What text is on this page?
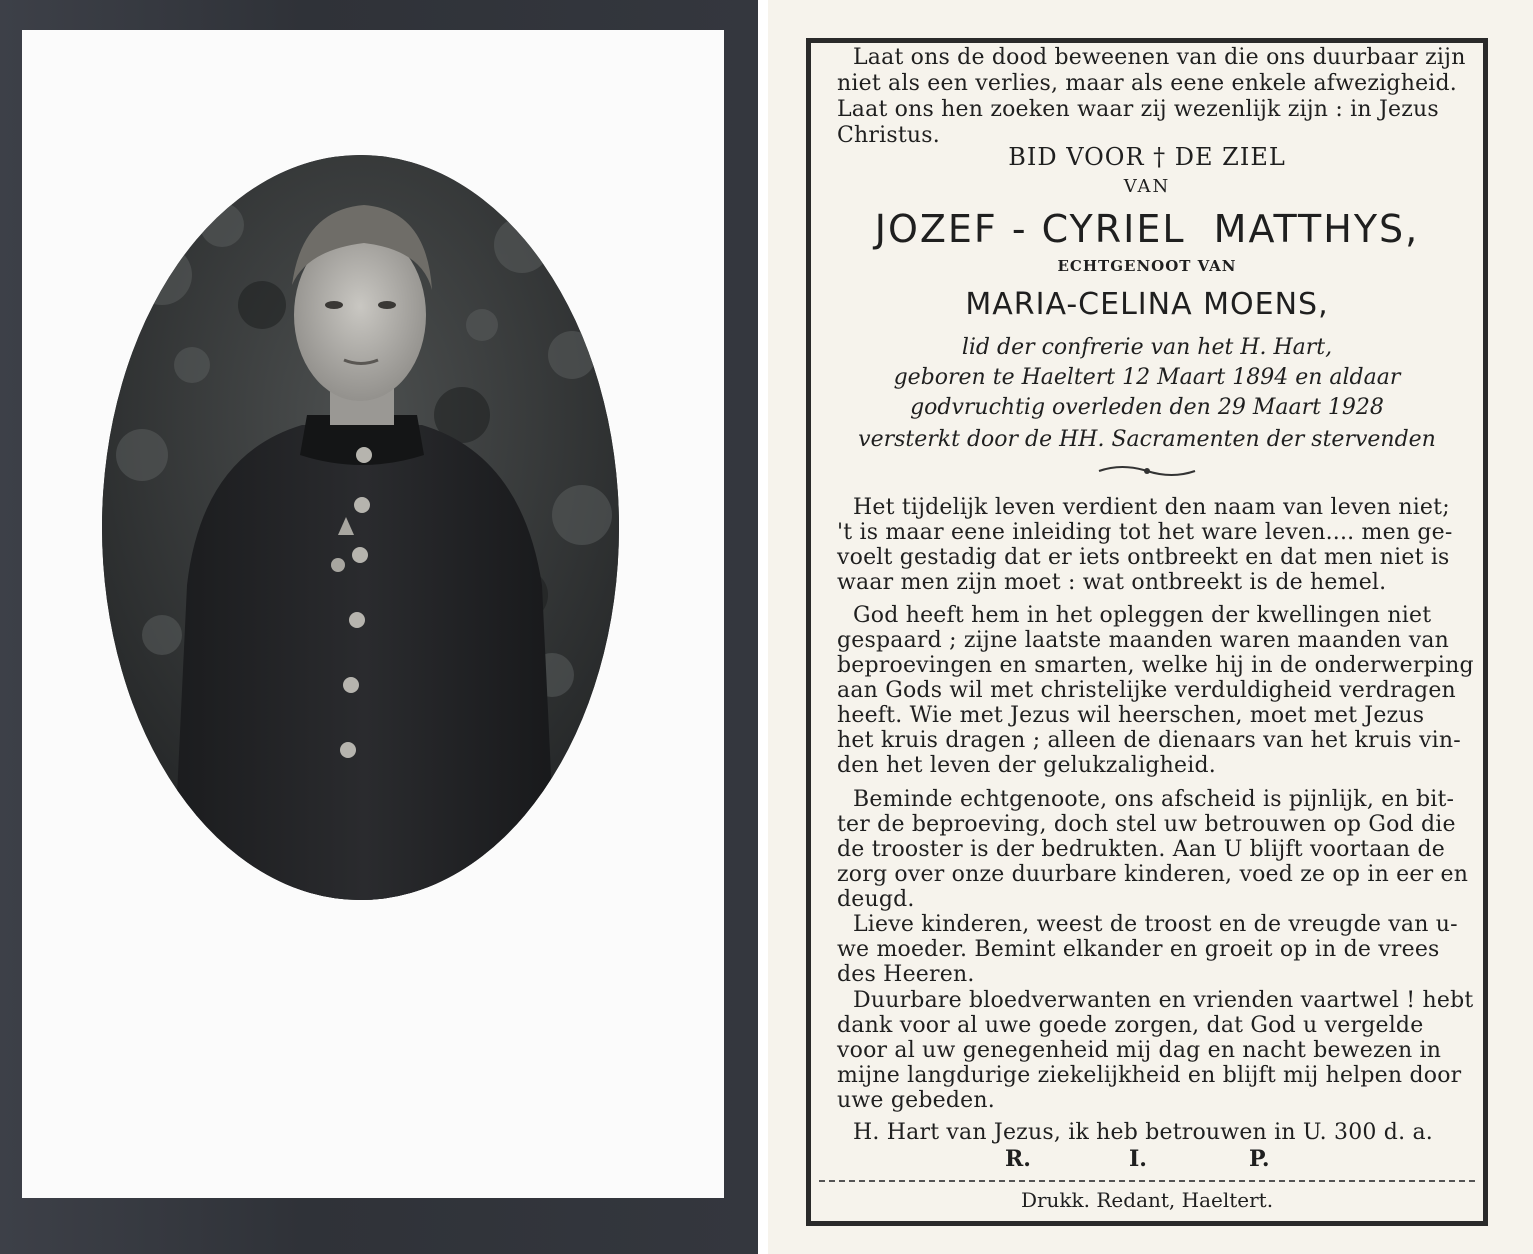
Laat ons de dood beweenen van die ons duurbaar zijn
niet als een verlies, maar als eene enkele afwezigheid.
Laat ons hen zoeken waar zij wezenlijk zijn : in Jezus
Christus.
BID VOOR † DE ZIEL
VAN
JOZEF - CYRIEL  MATTHYS,
ECHTGENOOT VAN
MARIA-CELINA MOENS,
lid der confrerie van het H. Hart,
geboren te Haeltert 12 Maart 1894 en aldaar
godvruchtig overleden den 29 Maart 1928
versterkt door de HH. Sacramenten der stervenden
Het tijdelijk leven verdient den naam van leven niet;
't is maar eene inleiding tot het ware leven.... men ge-
voelt gestadig dat er iets ontbreekt en dat men niet is
waar men zijn moet : wat ontbreekt is de hemel.
God heeft hem in het opleggen der kwellingen niet
gespaard ; zijne laatste maanden waren maanden van
beproevingen en smarten, welke hij in de onderwerping
aan Gods wil met christelijke verduldigheid verdragen
heeft. Wie met Jezus wil heerschen, moet met Jezus
het kruis dragen ; alleen de dienaars van het kruis vin-
den het leven der gelukzaligheid.
Beminde echtgenoote, ons afscheid is pijnlijk, en bit-
ter de beproeving, doch stel uw betrouwen op God die
de trooster is der bedrukten. Aan U blijft voortaan de
zorg over onze duurbare kinderen, voed ze op in eer en
deugd.
Lieve kinderen, weest de troost en de vreugde van u-
we moeder. Bemint elkander en groeit op in de vrees
des Heeren.
Duurbare bloedverwanten en vrienden vaartwel ! hebt
dank voor al uwe goede zorgen, dat God u vergelde
voor al uw genegenheid mij dag en nacht bewezen in
mijne langdurige ziekelijkheid en blijft mij helpen door
uwe gebeden.
H. Hart van Jezus, ik heb betrouwen in U. 300 d. a.
R.	I.	P.
Drukk. Redant, Haeltert.
